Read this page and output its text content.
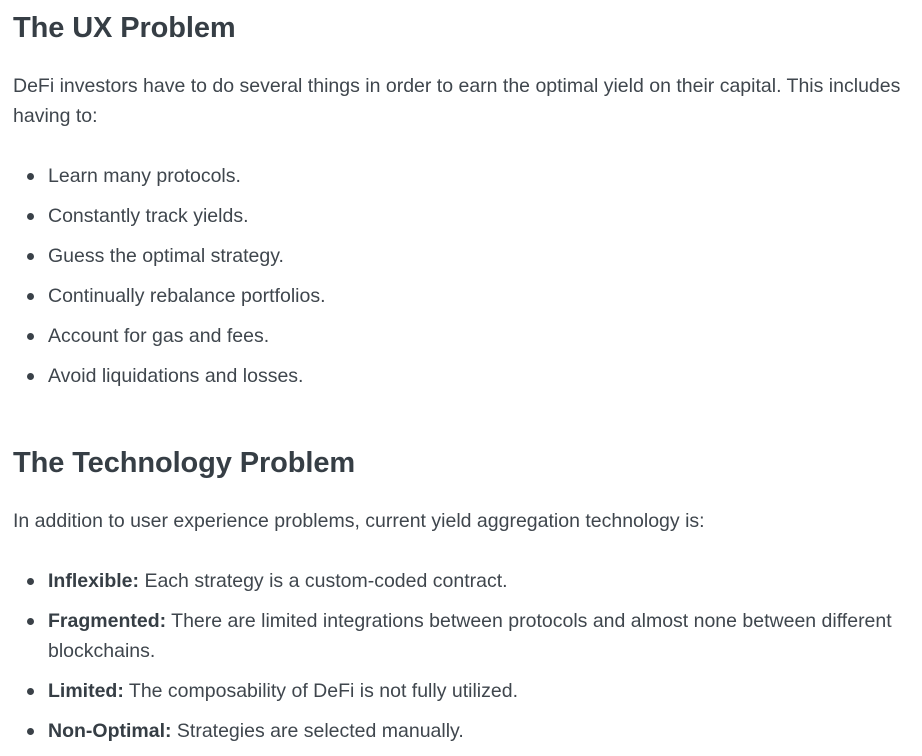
The UX Problem

DeFi investors have to do several things in order to earn the optimal yield on their capital. This includes having to:

Learn many protocols.
Constantly track yields.
Guess the optimal strategy.
Continually rebalance portfolios.
Account for gas and fees.
Avoid liquidations and losses.
The Technology Problem

In addition to user experience problems, current yield aggregation technology is:

Inflexible: Each strategy is a custom-coded contract.
Fragmented: There are limited integrations between protocols and almost none between different blockchains.
Limited: The composability of DeFi is not fully utilized.
Non-Optimal: Strategies are selected manually.
